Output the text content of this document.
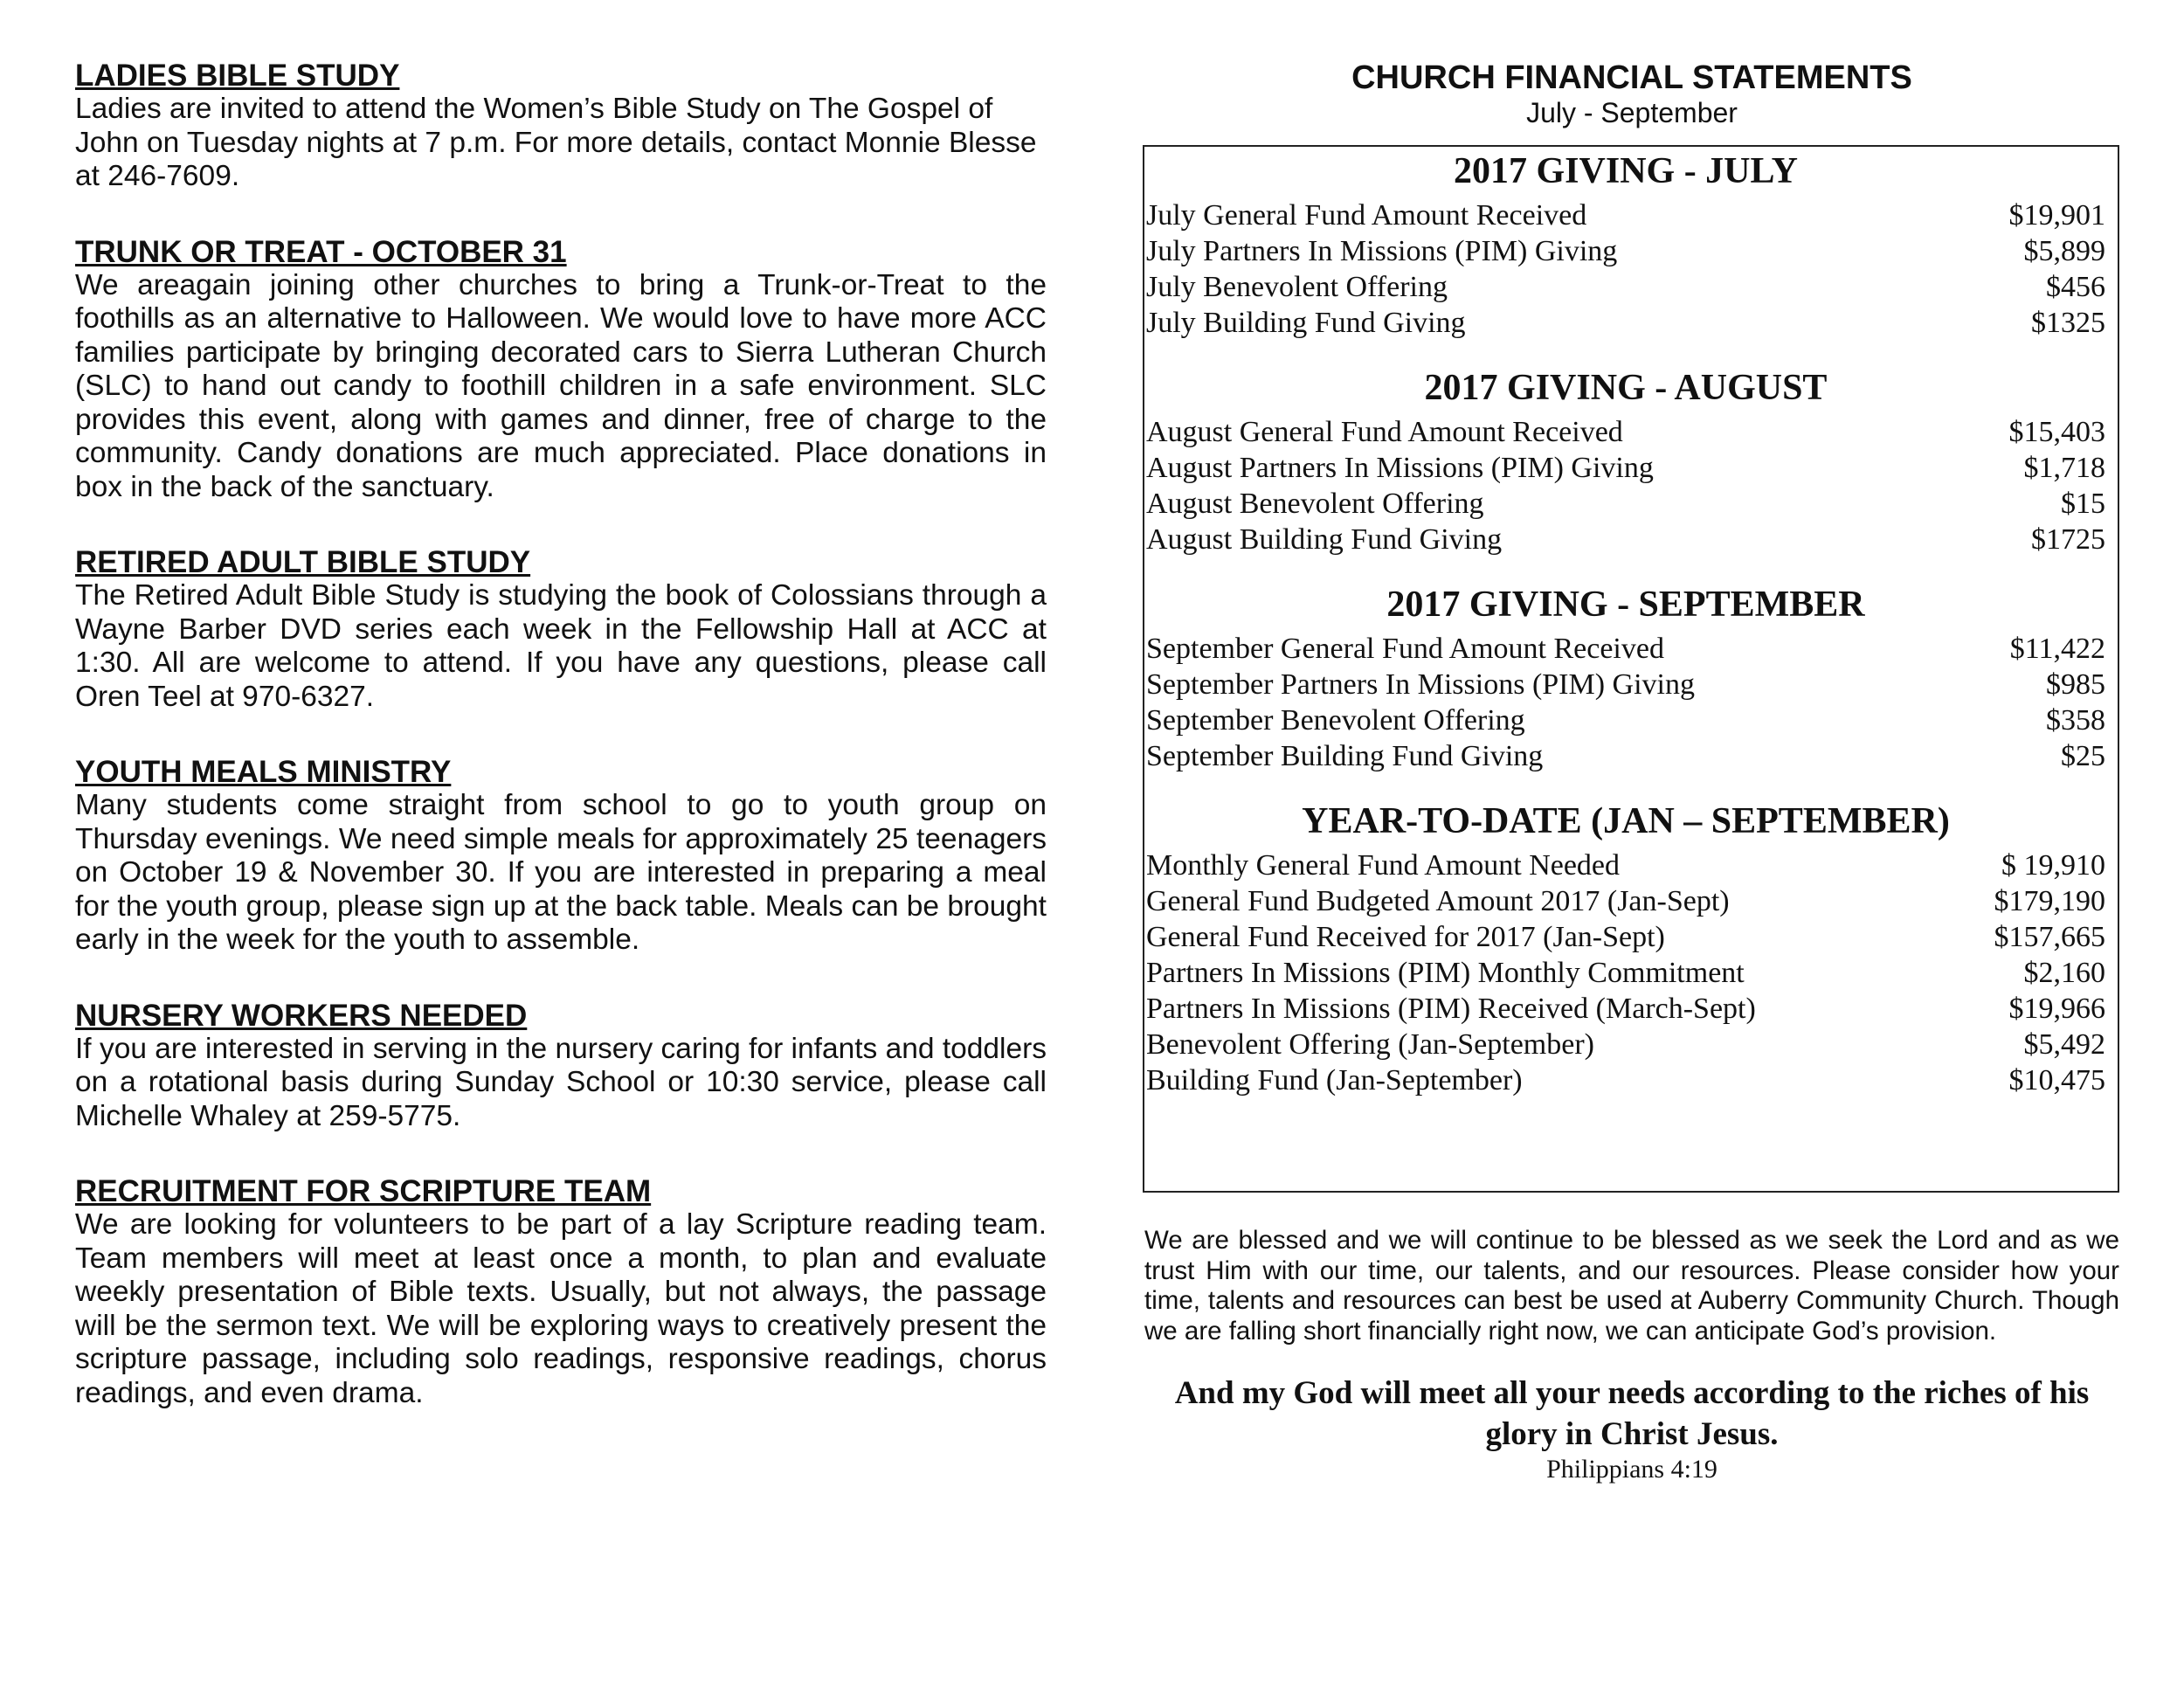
LADIES BIBLE STUDY

Ladies are invited to attend the Women’s Bible Study on The Gospel of John on Tuesday nights at 7 p.m. For more details, contact Monnie Blesse at 246-7609.

TRUNK OR TREAT - OCTOBER 31

We areagain joining other churches to bring a Trunk-or-Treat to the foothills as an alternative to Halloween. We would love to have more ACC families participate by bringing decorated cars to Sierra Lutheran Church (SLC) to hand out candy to foothill children in a safe environment. SLC provides this event, along with games and dinner, free of charge to the community. Candy donations are much appreciated. Place donations in box in the back of the sanctuary.

RETIRED ADULT BIBLE STUDY

The Retired Adult Bible Study is studying the book of Colossians through a Wayne Barber DVD series each week in the Fellowship Hall at ACC at 1:30. All are welcome to attend. If you have any questions, please call Oren Teel at 970-6327.

YOUTH MEALS MINISTRY

Many students come straight from school to go to youth group on Thursday evenings. We need simple meals for approximately 25 teenagers on October 19 & November 30. If you are interested in preparing a meal for the youth group, please sign up at the back table. Meals can be brought early in the week for the youth to assemble.

NURSERY WORKERS NEEDED

If you are interested in serving in the nursery caring for infants and toddlers on a rotational basis during Sunday School or 10:30 service, please call Michelle Whaley at 259-5775.

RECRUITMENT FOR SCRIPTURE TEAM

We are looking for volunteers to be part of a lay Scripture reading team. Team members will meet at least once a month, to plan and evaluate weekly presentation of Bible texts. Usually, but not always, the passage will be the sermon text. We will be exploring ways to creatively present the scripture passage, including solo readings, responsive readings, chorus readings, and even drama.

CHURCH FINANCIAL STATEMENTS

July - September

2017 GIVING - JULY
July General Fund Amount Received	$19,901
July Partners In Missions (PIM) Giving	$5,899
July Benevolent Offering	$456
July Building Fund Giving	$1325
2017 GIVING - AUGUST
August General Fund Amount Received	$15,403
August Partners In Missions (PIM) Giving	$1,718
August Benevolent Offering	$15
August Building Fund Giving	$1725
2017 GIVING - SEPTEMBER
September General Fund Amount Received	$11,422
September Partners In Missions (PIM) Giving	$985
September Benevolent Offering	$358
September Building Fund Giving	$25
YEAR-TO-DATE (JAN – SEPTEMBER)
Monthly General Fund Amount Needed	$ 19,910
General Fund Budgeted Amount 2017 (Jan-Sept)	$179,190
General Fund Received for 2017 (Jan-Sept)	$157,665
Partners In Missions (PIM) Monthly Commitment	$2,160
Partners In Missions (PIM) Received (March-Sept)	$19,966
Benevolent Offering (Jan-September)	$5,492
Building Fund (Jan-September)	$10,475

We are blessed and we will continue to be blessed as we seek the Lord and as we trust Him with our time, our talents, and our resources. Please consider how your time, talents and resources can best be used at Auberry Community Church. Though we are falling short financially right now, we can anticipate God’s provision.

And my God will meet all your needs according to the riches of his glory in Christ Jesus.

Philippians 4:19
